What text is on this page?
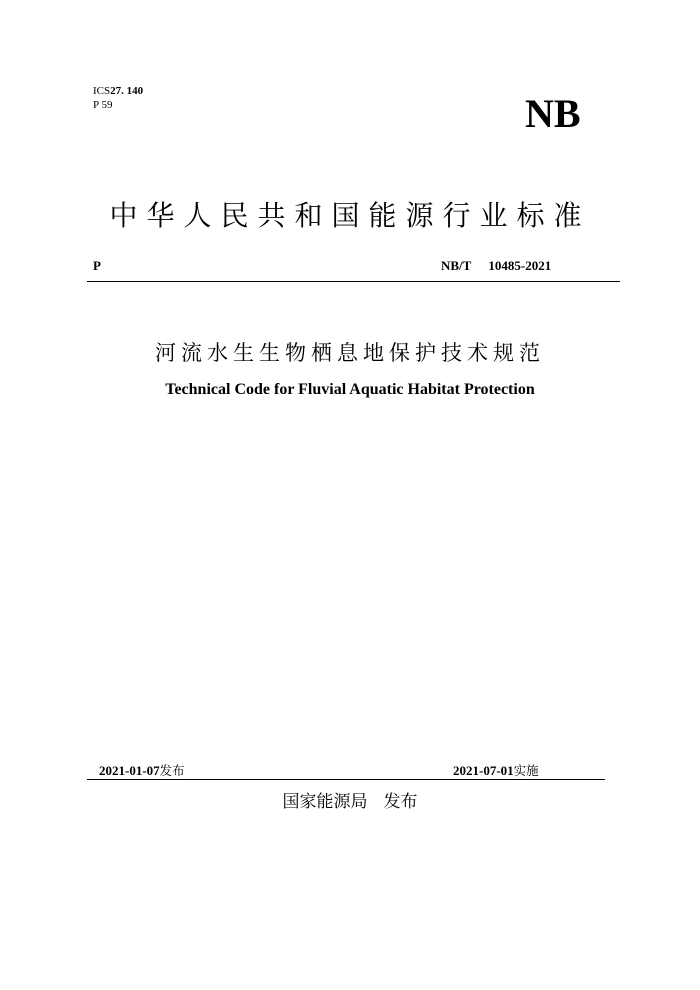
ICS27. 140
P 59	NB
中华人民共和国能源行业标准
P	NB/T 10485-2021
河流水生生物栖息地保护技术规范
Technical Code for Fluvial Aquatic Habitat Protection
2021-01-07发布	2021-07-01实施
国家能源局 发布
